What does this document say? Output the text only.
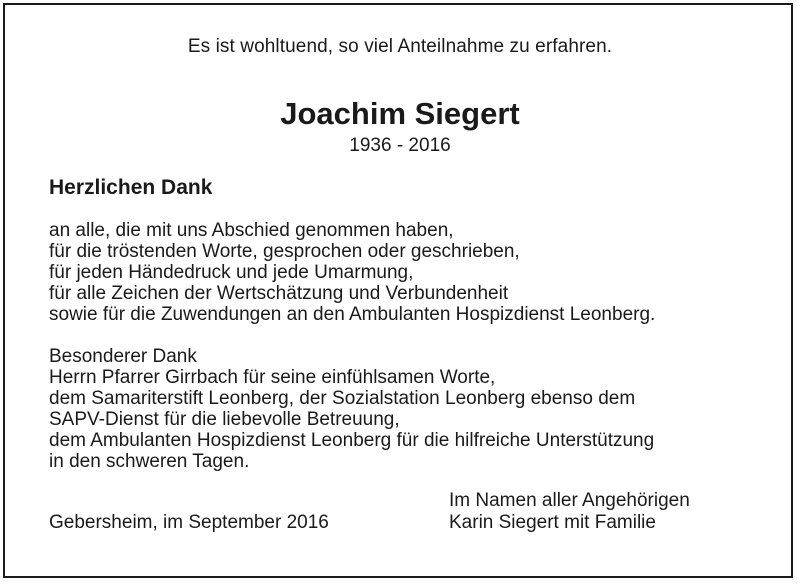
Es ist wohltuend, so viel Anteilnahme zu erfahren.
Joachim Siegert
1936 - 2016
Herzlichen Dank
an alle, die mit uns Abschied genommen haben,
für die tröstenden Worte, gesprochen oder geschrieben,
für jeden Händedruck und jede Umarmung,
für alle Zeichen der Wertschätzung und Verbundenheit
sowie für die Zuwendungen an den Ambulanten Hospizdienst Leonberg.
Besonderer Dank
Herrn Pfarrer Girrbach für seine einfühlsamen Worte,
dem Samariterstift Leonberg, der Sozialstation Leonberg ebenso dem
SAPV-Dienst für die liebevolle Betreuung,
dem Ambulanten Hospizdienst Leonberg für die hilfreiche Unterstützung
in den schweren Tagen.
Gebersheim, im September 2016
Im Namen aller Angehörigen
Karin Siegert mit Familie
